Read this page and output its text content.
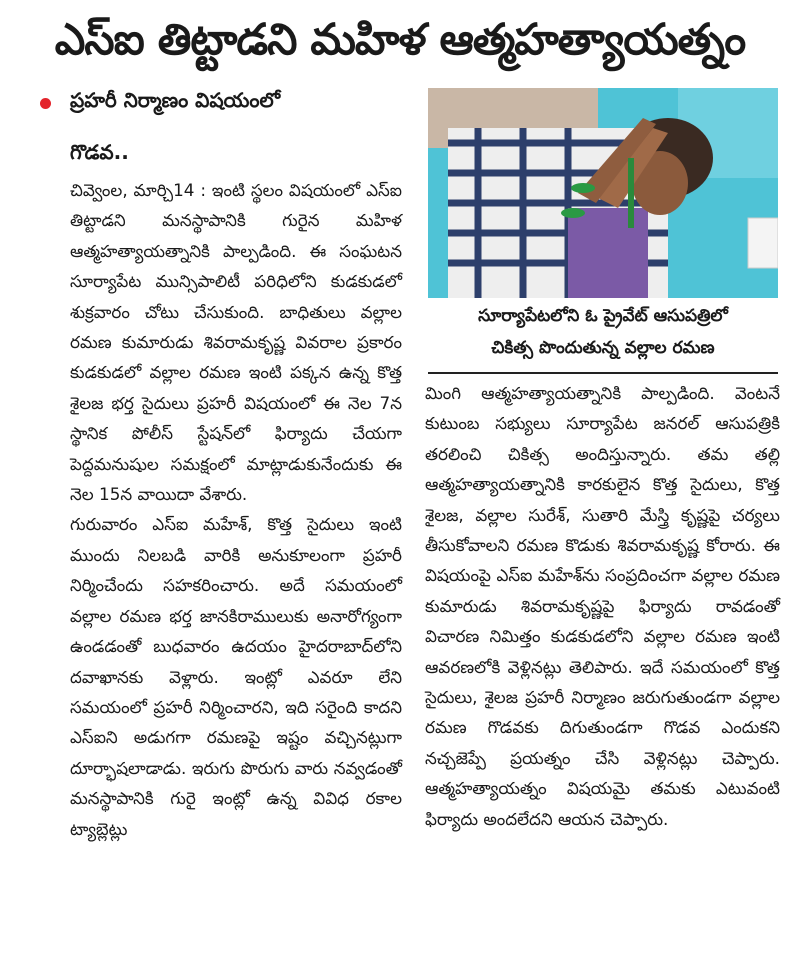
ఎస్ఐ తిట్టాడని మహిళ ఆత్మహత్యాయత్నం
ప్రహరీ నిర్మాణం విషయంలో
గొడవ..

చివ్వెంల, మార్చి14 : ఇంటి స్థలం విషయంలో ఎస్ఐ తిట్టాడని మనస్థాపానికి గురైన మహిళ ఆత్మహత్యాయత్నానికి పాల్పడింది. ఈ సంఘటన సూర్యాపేట మున్సిపాలిటీ పరిధిలోని కుడకుడలో శుక్రవారం చోటు చేసుకుంది. బాధితులు వల్లాల రమణ కుమారుడు శివరామకృష్ణ వివరాల ప్రకారం కుడకుడలో వల్లాల రమణ ఇంటి పక్కన ఉన్న కొత్త శైలజ భర్త సైదులు ప్రహరీ విషయంలో ఈ నెల 7న స్థానిక పోలీస్ స్టేషన్‌లో ఫిర్యాదు చేయగా పెద్దమనుషుల సమక్షంలో మాట్లాడుకునేందుకు ఈ నెల 15న వాయిదా వేశారు.

గురువారం ఎస్ఐ మహేశ్, కొత్త సైదులు ఇంటి ముందు నిలబడి వారికి అనుకూలంగా ప్రహరీ నిర్మించేందు సహకరించారు. అదే సమయంలో వల్లాల రమణ భర్త జానకిరాములుకు అనారోగ్యంగా ఉండడంతో బుధవారం ఉదయం హైదరాబాద్‌లోని దవాఖానకు వెళ్లారు. ఇంట్లో ఎవరూ లేని సమయంలో ప్రహరీ నిర్మించారని, ఇది సరైంది కాదని ఎస్ఐని అడుగగా రమణపై ఇష్టం వచ్చినట్లుగా దూర్భాషలాడాడు. ఇరుగు పొరుగు వారు నవ్వడంతో మనస్థాపానికి గురై ఇంట్లో ఉన్న వివిధ రకాల ట్యాబ్లెట్లు

సూర్యాపేటలోని ఓ ప్రైవేట్ ఆసుపత్రిలో
చికిత్స పొందుతున్న వల్లాల రమణ

మింగి ఆత్మహత్యాయత్నానికి పాల్పడింది. వెంటనే కుటుంబ సభ్యులు సూర్యాపేట జనరల్ ఆసుపత్రికి తరలించి చికిత్స అందిస్తున్నారు. తమ తల్లి ఆత్మహత్యాయత్నానికి కారకులైన కొత్త సైదులు, కొత్త శైలజ, వల్లాల సురేశ్, సుతారి మేస్త్రి కృష్ణపై చర్యలు తీసుకోవాలని రమణ కొడుకు శివరామకృష్ణ కోరారు. ఈ విషయంపై ఎస్ఐ మహేశ్‌ను సంప్రదించగా వల్లాల రమణ కుమారుడు శివరామకృష్ణపై ఫిర్యాదు రావడంతో విచారణ నిమిత్తం కుడకుడలోని వల్లాల రమణ ఇంటి ఆవరణలోకి వెళ్లినట్లు తెలిపారు. ఇదే సమయంలో కొత్త సైదులు, శైలజ ప్రహరీ నిర్మాణం జరుగుతుండగా వల్లాల రమణ గొడవకు దిగుతుండగా గొడవ ఎందుకని నచ్చజెప్పే ప్రయత్నం చేసి వెళ్లినట్లు చెప్పారు. ఆత్మహత్యాయత్నం విషయమై తమకు ఎటువంటి ఫిర్యాదు అందలేదని ఆయన చెప్పారు.
